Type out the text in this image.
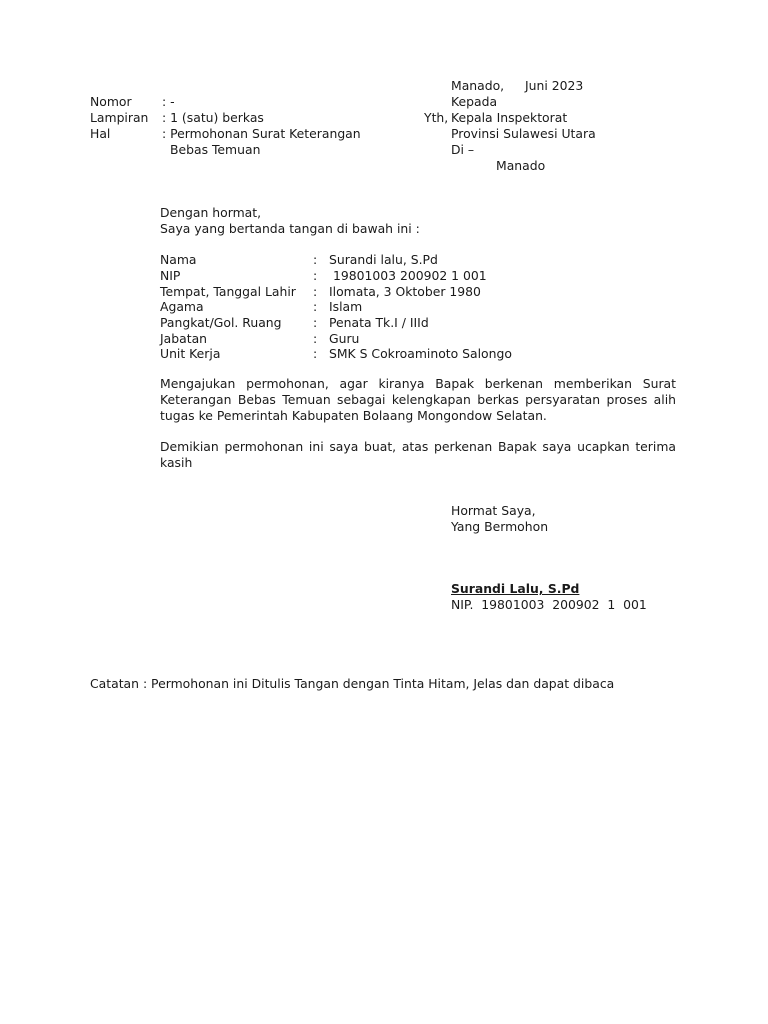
Manado, Juni 2023
Nomor : -	Kepada
Lampiran : 1 (satu) berkas	Yth, Kepala Inspektorat
Hal	: Permohonan Surat Keterangan	Provinsi Sulawesi Utara
Bebas Temuan	Di –
Manado
Dengan hormat,
Saya yang bertanda tangan di bawah ini :
Nama	: Surandi lalu, S.Pd
NIP	: 19801003 200902 1 001
Tempat, Tanggal Lahir : Ilomata, 3 Oktober 1980
Agama	: Islam
Pangkat/Gol. Ruang	: Penata Tk.I / IIId
Jabatan	: Guru
Unit Kerja	: SMK S Cokroaminoto Salongo
Mengajukan permohonan, agar kiranya Bapak berkenan memberikan Surat Keterangan Bebas Temuan sebagai kelengkapan berkas persyaratan proses alih tugas ke Pemerintah Kabupaten Bolaang Mongondow Selatan.
Demikian permohonan ini saya buat, atas perkenan Bapak saya ucapkan terima kasih
Hormat Saya,
Yang Bermohon
Surandi Lalu, S.Pd
NIP.  19801003  200902  1  001
Catatan : Permohonan ini Ditulis Tangan dengan Tinta Hitam, Jelas dan dapat dibaca
